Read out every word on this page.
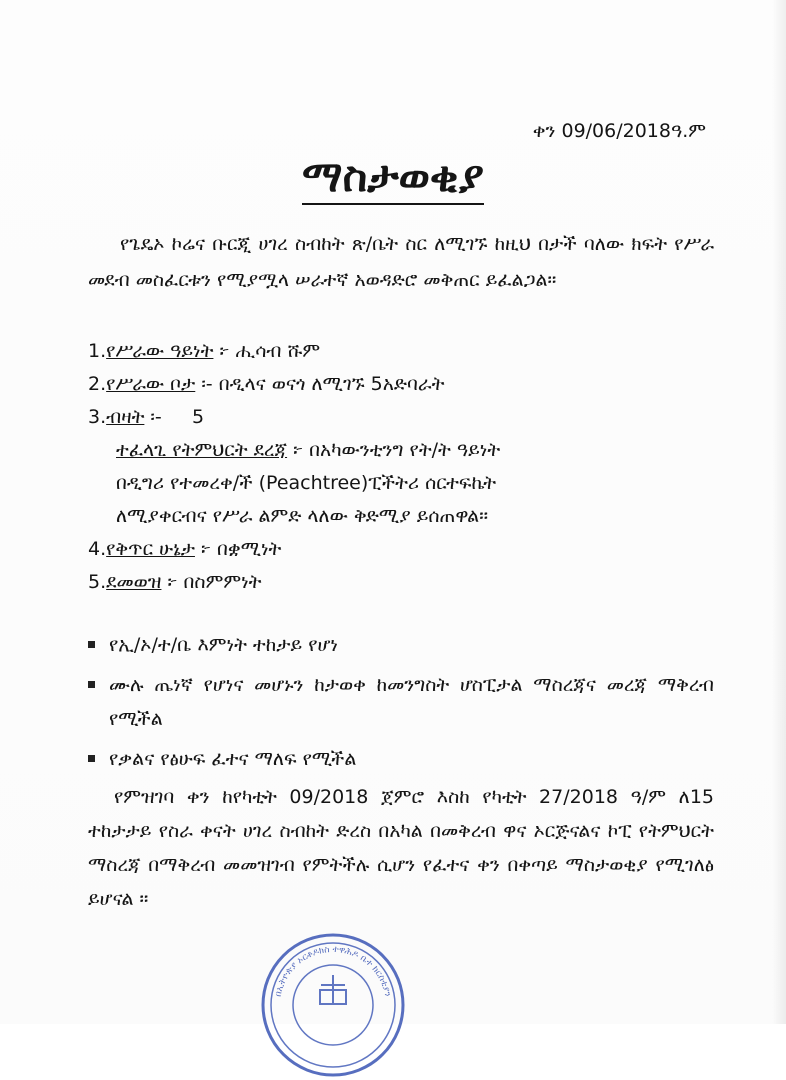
ቀን 09/06/2018ዓ.ም
ማስታወቂያ
የጌዴኦ ኮሬና ቡርጂ ሀገረ ስብከት ጽ/ቤት ስር ለሚገኙ ከዚህ በታች ባለው ክፍት የሥራ መደብ መስፈርቱን የሚያሟላ ሠራተኛ አወዳድሮ መቅጠር ይፈልጋል።
1.የሥራው ዓይነት ፦ ሒሳብ ሹም
2.የሥራው ቦታ ፡- በዲላና ወናጎ ለሚገኙ 5አድባራት
3.ብዛት ፡-     5
ተፈላጊ የትምህርት ደረጃ ፦ በአካውንቲንግ የት/ት ዓይነት
በዲግሪ የተመረቀ/ች (Peachtree)ፒችትሪ ሰርተፍኬት
ለሚያቀርብና የሥራ ልምድ ላለው ቅድሚያ ይሰጠዋል።
4.የቅጥር ሁኔታ ፦ በቋሚነት
5.ደመወዝ ፦ በስምምነት
የኢ/ኦ/ተ/ቤ እምነት ተከታይ የሆነ
ሙሉ ጤነኛ የሆነና መሆኑን ከታወቀ ከመንግስት ሆስፒታል ማስረጃና መረጃ ማቅረብ የሚችል
የቃልና የፅሁፍ ፈተና ማለፍ የሚችል
የምዝገባ ቀን ከየካቲት 09/2018 ጀምሮ እስከ የካቲት 27/2018 ዓ/ም ለ15 ተከታታይ የስራ ቀናት ሀገረ ስብከት ድረስ በአካል በመቅረብ ዋና ኦርጅናልና ኮፒ የትምህርት ማስረጃ በማቅረብ መመዝገብ የምትችሉ ሲሆን የፈተና ቀን በቀጣይ ማስታወቂያ የሚገለፅ ይሆናል ።
በኢትዮጵያ ኦርቶዶክስ ተዋሕዶ ቤተ ክርስቲያን
